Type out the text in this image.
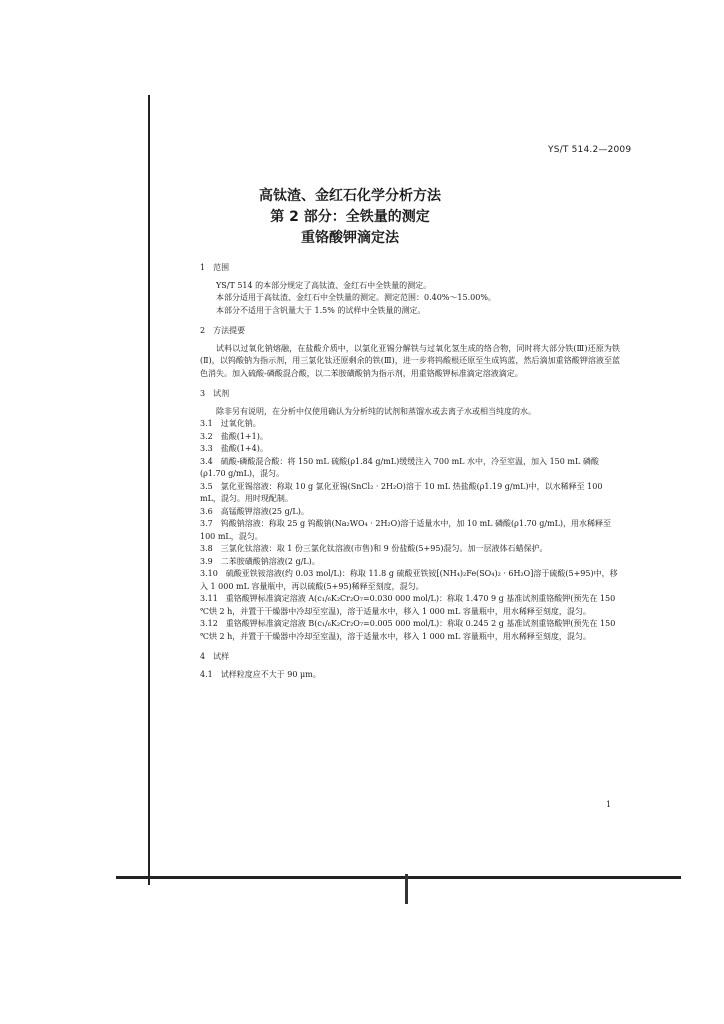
YS/T 514.2—2009
高钛渣、金红石化学分析方法
第 2 部分：全铁量的测定
重铬酸钾滴定法
1　范围
YS/T 514 的本部分规定了高钛渣、金红石中全铁量的测定。
本部分适用于高钛渣、金红石中全铁量的测定。测定范围：0.40%～15.00%。
本部分不适用于含钒量大于 1.5% 的试样中全铁量的测定。
2　方法提要
试料以过氧化钠熔融，在盐酸介质中，以氯化亚锡分解铁与过氧化氢生成的络合物，同时将大部分铁(Ⅲ)还原为铁(Ⅱ)，以钨酸钠为指示剂，用三氯化钛还原剩余的铁(Ⅲ)，进一步将钨酸根还原至生成钨蓝，然后滴加重铬酸钾溶液至蓝色消失。加入硫酸-磷酸混合酸，以二苯胺磺酸钠为指示剂，用重铬酸钾标准滴定溶液滴定。
3　试剂
除非另有说明，在分析中仅使用确认为分析纯的试剂和蒸馏水或去离子水或相当纯度的水。
3.1　过氧化钠。
3.2　盐酸(1+1)。
3.3　盐酸(1+4)。
3.4　硫酸-磷酸混合酸：将 150 mL 硫酸(ρ1.84 g/mL)缓缓注入 700 mL 水中，冷至室温，加入 150 mL 磷酸(ρ1.70 g/mL)，混匀。
3.5　氯化亚锡溶液：称取 10 g 氯化亚锡(SnCl₂ · 2H₂O)溶于 10 mL 热盐酸(ρ1.19 g/mL)中，以水稀释至 100 mL，混匀。用时现配制。
3.6　高锰酸钾溶液(25 g/L)。
3.7　钨酸钠溶液：称取 25 g 钨酸钠(Na₂WO₄ · 2H₂O)溶于适量水中，加 10 mL 磷酸(ρ1.70 g/mL)，用水稀释至 100 mL，混匀。
3.8　三氯化钛溶液：取 1 份三氯化钛溶液(市售)和 9 份盐酸(5+95)混匀。加一层液体石蜡保护。
3.9　二苯胺磺酸钠溶液(2 g/L)。
3.10　硫酸亚铁铵溶液(约 0.03 mol/L)：称取 11.8 g 硫酸亚铁铵[(NH₄)₂Fe(SO₄)₂ · 6H₂O]溶于硫酸(5+95)中，移入 1 000 mL 容量瓶中，再以硫酸(5+95)稀释至刻度，混匀。
3.11　重铬酸钾标准滴定溶液 A(c₁/₆K₂Cr₂O₇=0.030 000 mol/L)：称取 1.470 9 g 基准试剂重铬酸钾(预先在 150 ℃烘 2 h，并置于干燥器中冷却至室温)，溶于适量水中，移入 1 000 mL 容量瓶中，用水稀释至刻度，混匀。
3.12　重铬酸钾标准滴定溶液 B(c₁/₆K₂Cr₂O₇=0.005 000 mol/L)：称取 0.245 2 g 基准试剂重铬酸钾(预先在 150 ℃烘 2 h，并置于干燥器中冷却至室温)，溶于适量水中，移入 1 000 mL 容量瓶中，用水稀释至刻度，混匀。
4　试样
4.1　试样粒度应不大于 90 μm。
1
